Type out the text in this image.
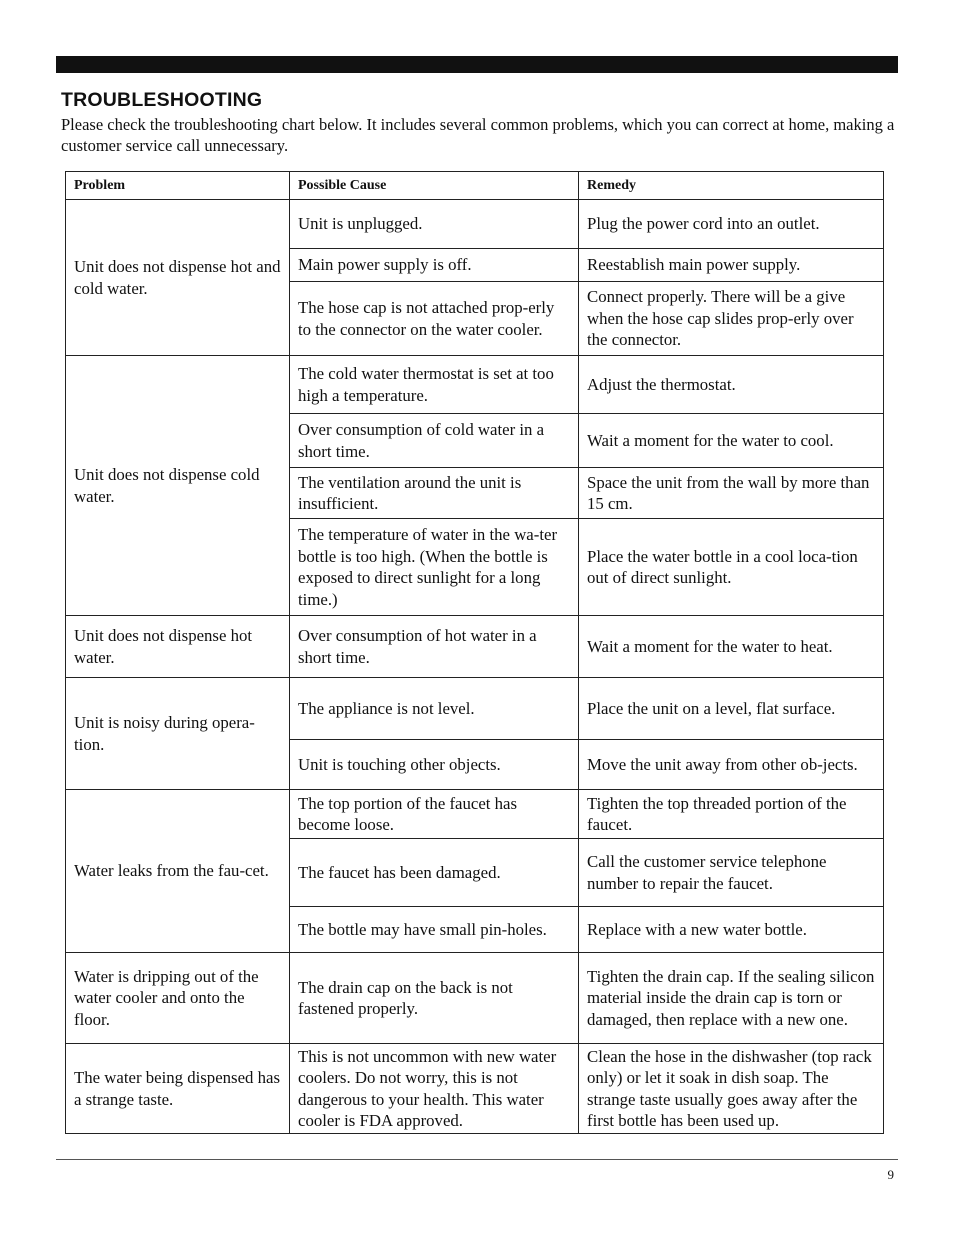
TROUBLESHOOTING

Please check the troubleshooting chart below. It includes several common problems, which you can correct at home, making a customer service call unnecessary.

Problem	Possible Cause	Remedy
Unit does not dispense hot and cold water.	Unit is unplugged.	Plug the power cord into an outlet.
	Main power supply is off.	Reestablish main power supply.
	The hose cap is not attached prop-erly to the connector on the water cooler.	Connect properly. There will be a give when the hose cap slides prop-erly over the connector.
Unit does not dispense cold water.	The cold water thermostat is set at too high a temperature.	Adjust the thermostat.
	Over consumption of cold water in a short time.	Wait a moment for the water to cool.
	The ventilation around the unit is insufficient.	Space the unit from the wall by more than 15 cm.
	The temperature of water in the wa-ter bottle is too high. (When the bottle is exposed to direct sunlight for a long time.)	Place the water bottle in a cool loca-tion out of direct sunlight.
Unit does not dispense hot water.	Over consumption of hot water in a short time.	Wait a moment for the water to heat.
Unit is noisy during opera-tion.	The appliance is not level.	Place the unit on a level, flat surface.
	Unit is touching other objects.	Move the unit away from other ob-jects.
Water leaks from the fau-cet.	The top portion of the faucet has become loose.	Tighten the top threaded portion of the faucet.
	The faucet has been damaged.	Call the customer service telephone number to repair the faucet.
	The bottle may have small pin-holes.	Replace with a new water bottle.
Water is dripping out of the water cooler and onto the floor.	The drain cap on the back is not fastened properly.	Tighten the drain cap. If the sealing silicon material inside the drain cap is torn or damaged, then replace with a new one.
The water being dispensed has a strange taste.	This is not uncommon with new water coolers. Do not worry, this is not dangerous to your health. This water cooler is FDA approved.	Clean the hose in the dishwasher (top rack only) or let it soak in dish soap. The strange taste usually goes away after the first bottle has been used up.
9
